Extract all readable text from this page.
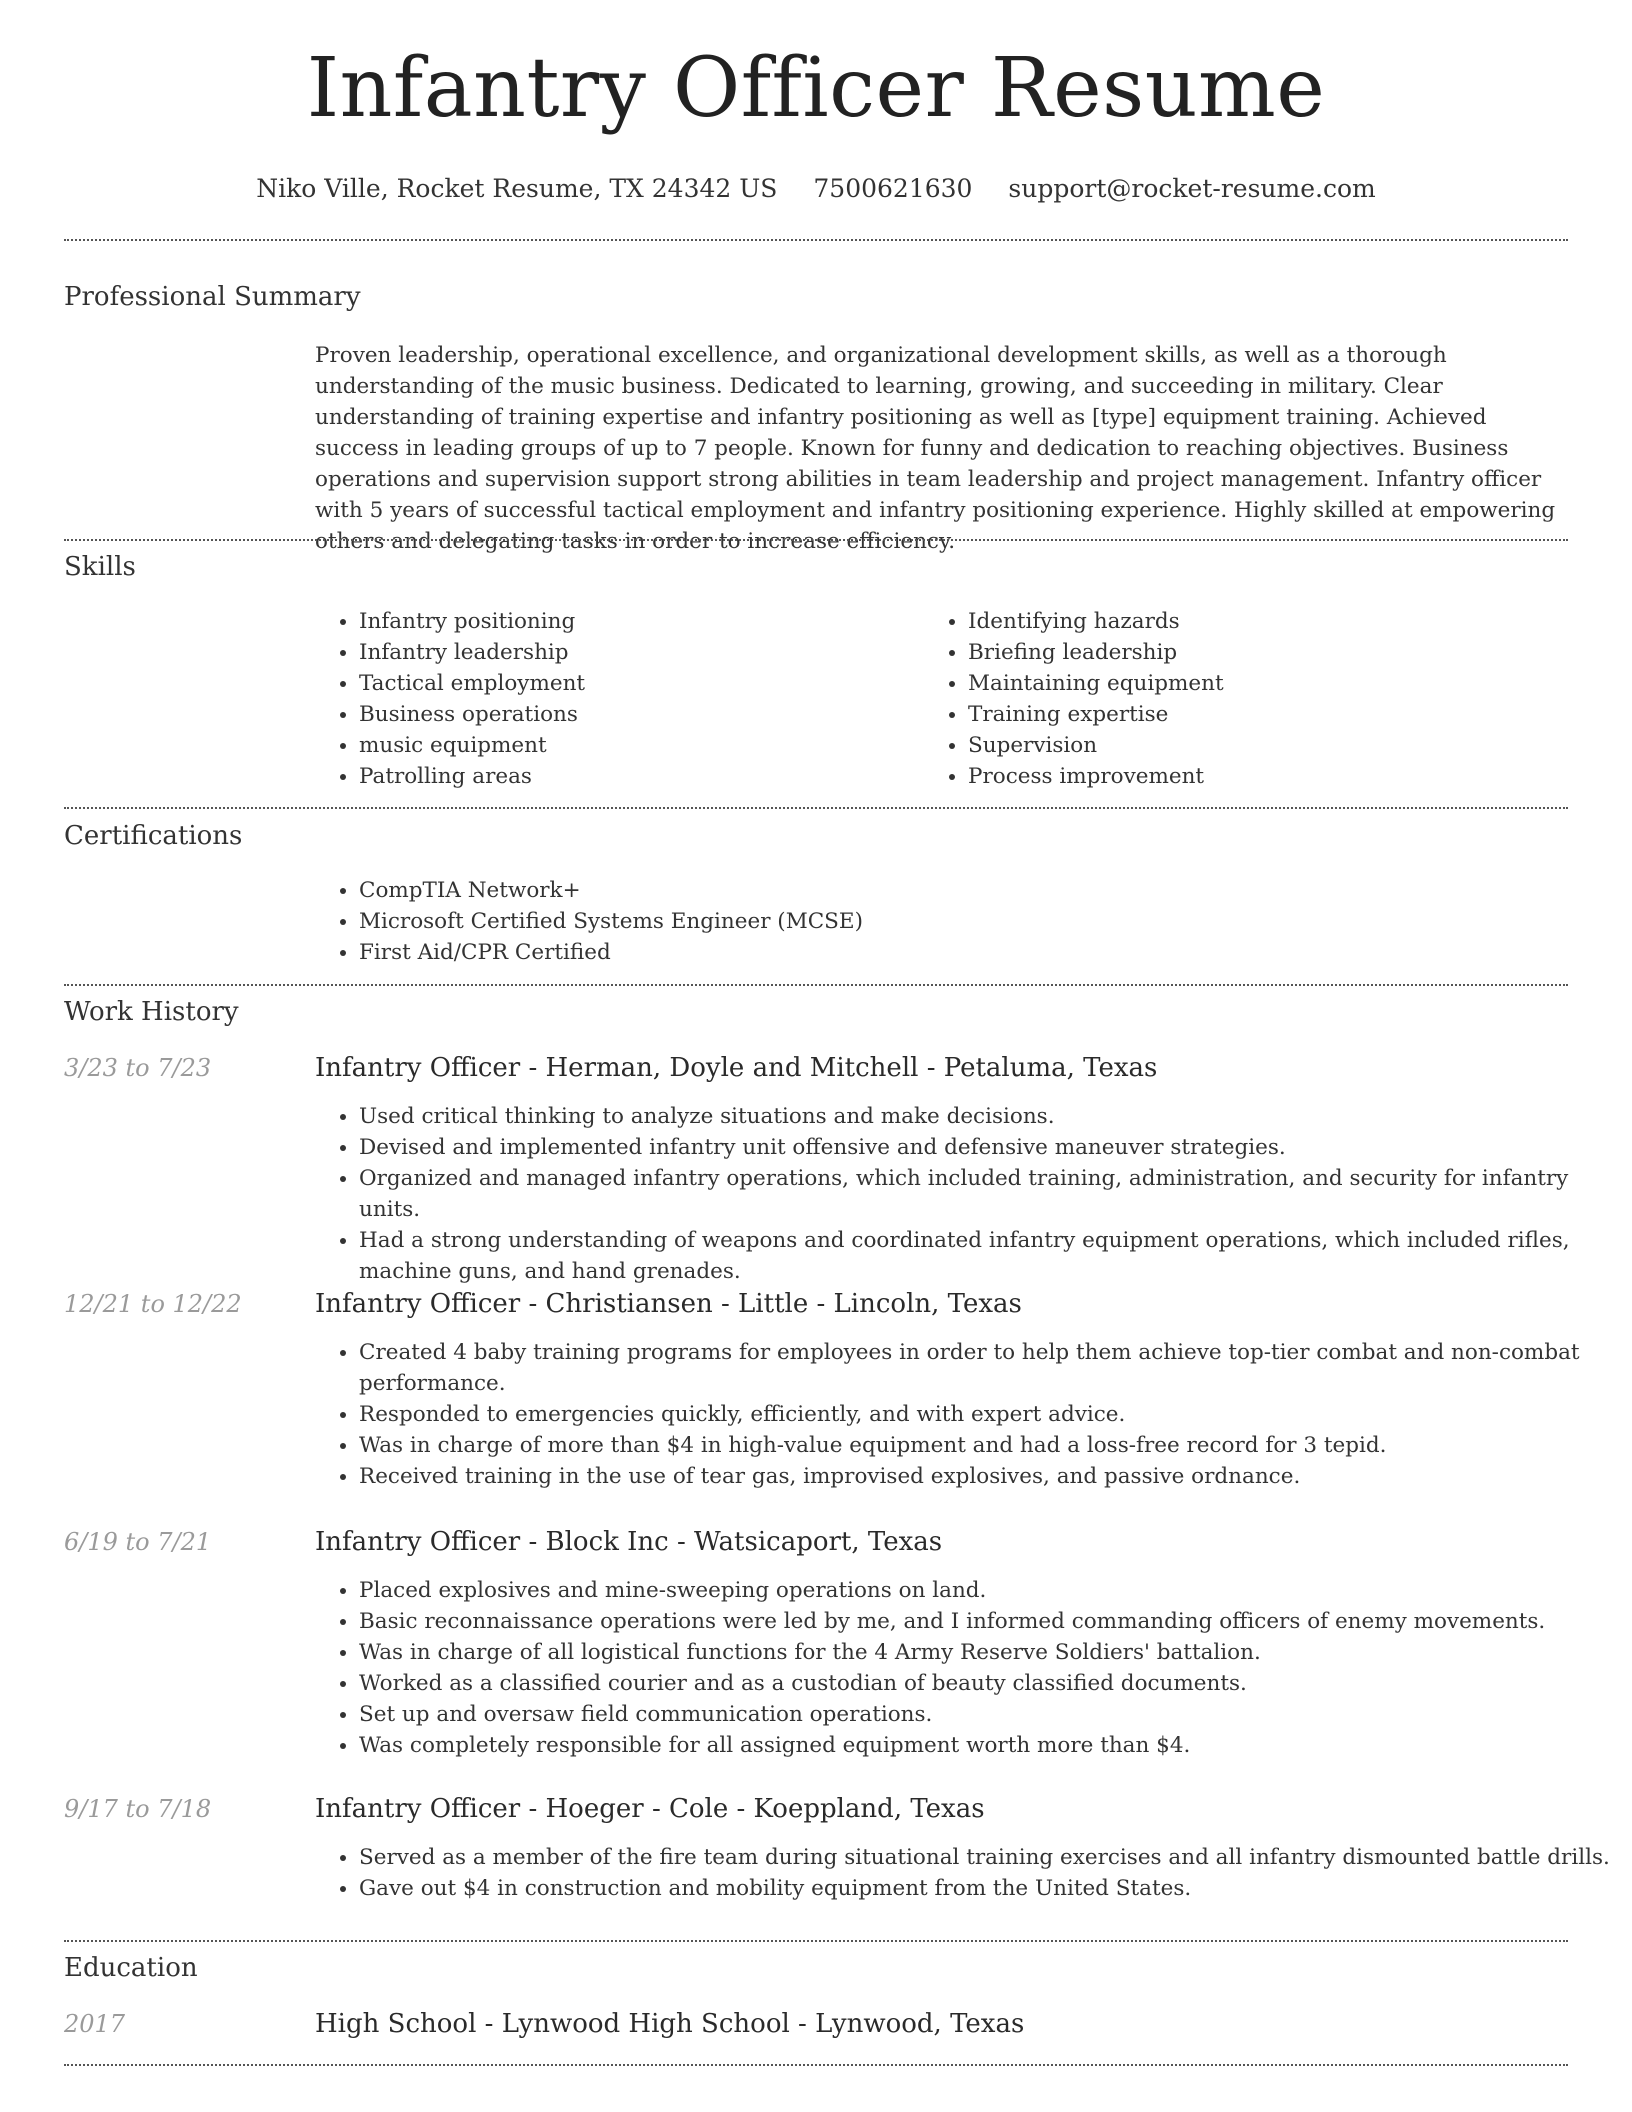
Infantry Officer Resume
Niko Ville, Rocket Resume, TX 24342 US 7500621630 support@rocket-resume.com
Professional Summary

Proven leadership, operational excellence, and organizational development skills, as well as a thorough understanding of the music business. Dedicated to learning, growing, and succeeding in military. Clear understanding of training expertise and infantry positioning as well as [type] equipment training. Achieved success in leading groups of up to 7 people. Known for funny and dedication to reaching objectives. Business operations and supervision support strong abilities in team leadership and project management. Infantry officer with 5 years of successful tactical employment and infantry positioning experience. Highly skilled at empowering others and delegating tasks in order to increase efficiency.

Skills
• Infantry positioning
• Infantry leadership
• Tactical employment
• Business operations
• music equipment
• Patrolling areas
• Identifying hazards
• Briefing leadership
• Maintaining equipment
• Training expertise
• Supervision
• Process improvement
Certifications
• CompTIA Network+
• Microsoft Certified Systems Engineer (MCSE)
• First Aid/CPR Certified
Work History
3/23 to 7/23	Infantry Officer - Herman, Doyle and Mitchell - Petaluma, Texas
• Used critical thinking to analyze situations and make decisions.
• Devised and implemented infantry unit offensive and defensive maneuver strategies.
• Organized and managed infantry operations, which included training, administration, and security for infantry units.
• Had a strong understanding of weapons and coordinated infantry equipment operations, which included rifles, machine guns, and hand grenades.
12/21 to 12/22	Infantry Officer - Christiansen - Little - Lincoln, Texas
• Created 4 baby training programs for employees in order to help them achieve top-tier combat and non-combat performance.
• Responded to emergencies quickly, efficiently, and with expert advice.
• Was in charge of more than $4 in high-value equipment and had a loss-free record for 3 tepid.
• Received training in the use of tear gas, improvised explosives, and passive ordnance.
6/19 to 7/21	Infantry Officer - Block Inc - Watsicaport, Texas
• Placed explosives and mine-sweeping operations on land.
• Basic reconnaissance operations were led by me, and I informed commanding officers of enemy movements.
• Was in charge of all logistical functions for the 4 Army Reserve Soldiers' battalion.
• Worked as a classified courier and as a custodian of beauty classified documents.
• Set up and oversaw field communication operations.
• Was completely responsible for all assigned equipment worth more than $4.
9/17 to 7/18	Infantry Officer - Hoeger - Cole - Koeppland, Texas
• Served as a member of the fire team during situational training exercises and all infantry dismounted battle drills.
• Gave out $4 in construction and mobility equipment from the United States.
Education
2017	High School - Lynwood High School - Lynwood, Texas
